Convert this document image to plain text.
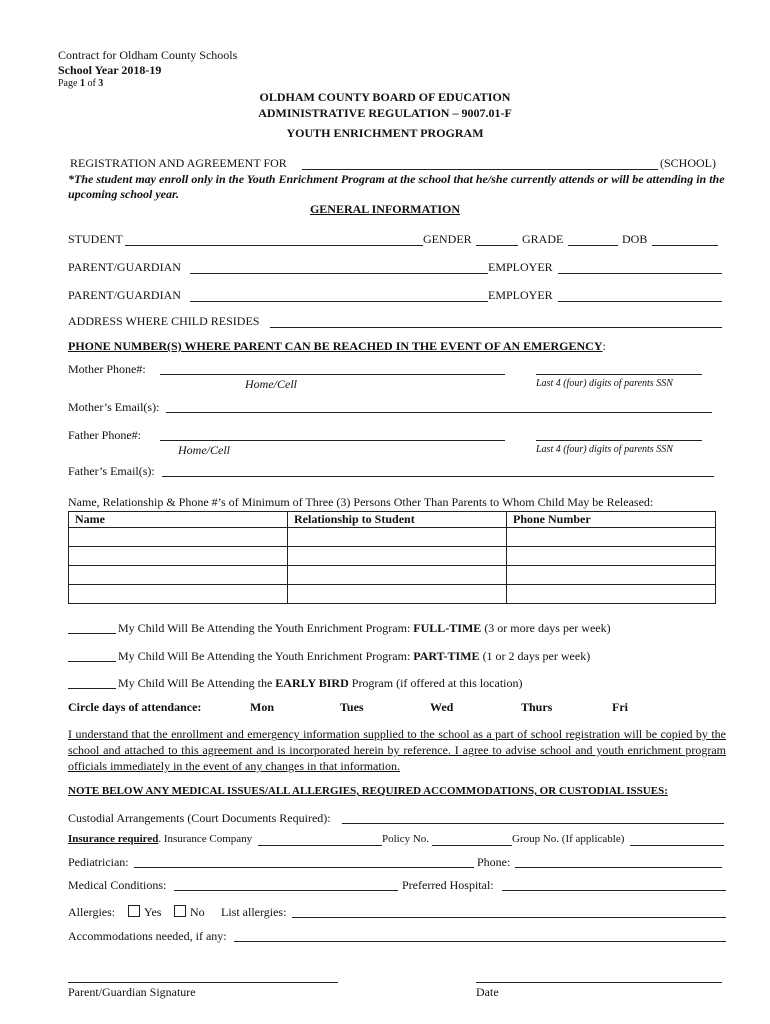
Contract for Oldham County Schools
School Year 2018-19
Page 1 of 3
OLDHAM COUNTY BOARD OF EDUCATION
ADMINISTRATIVE REGULATION – 9007.01-F
YOUTH ENRICHMENT PROGRAM
REGISTRATION AND AGREEMENT FOR	(SCHOOL)
*The student may enroll only in the Youth Enrichment Program at the school that he/she currently attends or will be attending in the upcoming school year.
GENERAL INFORMATION
STUDENT	GENDER	GRADE	DOB
PARENT/GUARDIAN	EMPLOYER
PARENT/GUARDIAN	EMPLOYER
ADDRESS WHERE CHILD RESIDES
PHONE NUMBER(S) WHERE PARENT CAN BE REACHED IN THE EVENT OF AN EMERGENCY:
Mother Phone#:
Home/Cell	Last 4 (four) digits of parents SSN
Mother’s Email(s):
Father Phone#:
Home/Cell	Last 4 (four) digits of parents SSN
Father’s Email(s):
Name, Relationship & Phone #’s of Minimum of Three (3) Persons Other Than Parents to Whom Child May be Released:
Name	Relationship to Student	Phone Number

My Child Will Be Attending the Youth Enrichment Program: FULL-TIME (3 or more days per week)
My Child Will Be Attending the Youth Enrichment Program: PART-TIME (1 or 2 days per week)
My Child Will Be Attending the EARLY BIRD Program (if offered at this location)
Circle days of attendance:	Mon	Tues	Wed	Thurs	Fri
I understand that the enrollment and emergency information supplied to the school as a part of school registration will be copied by the school and attached to this agreement and is incorporated herein by reference. I agree to advise school and youth enrichment program officials immediately in the event of any changes in that information.
NOTE BELOW ANY MEDICAL ISSUES/ALL ALLERGIES, REQUIRED ACCOMMODATIONS, OR CUSTODIAL ISSUES:
Custodial Arrangements (Court Documents Required):
Insurance required. Insurance Company	Policy No.	Group No. (If applicable)
Pediatrician:	Phone:
Medical Conditions:	Preferred Hospital:
Allergies:	Yes	No List allergies:
Accommodations needed, if any:
Parent/Guardian Signature	Date
